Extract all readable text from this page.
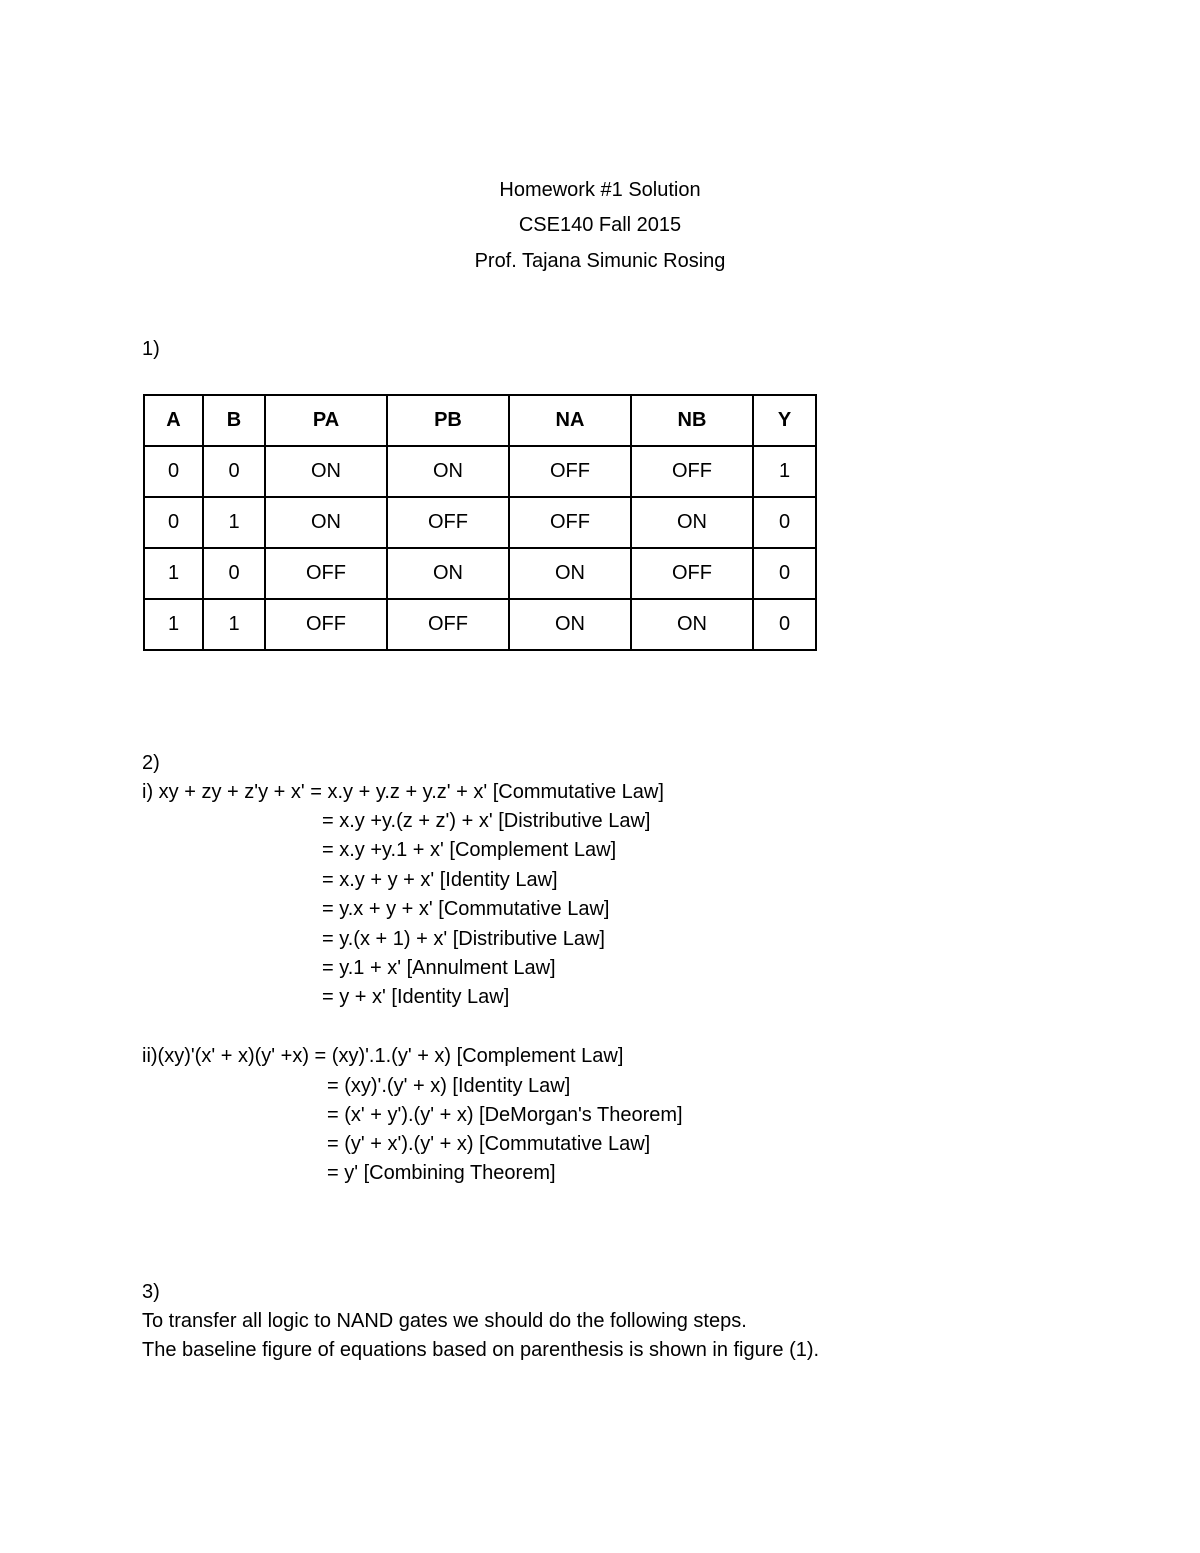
Homework #1 Solution
CSE140 Fall 2015
Prof. Tajana Simunic Rosing
1)
A	B	PA	PB	NA	NB	Y
0	0	ON	ON	OFF	OFF	1
0	1	ON	OFF	OFF	ON	0
1	0	OFF	ON	ON	OFF	0
1	1	OFF	OFF	ON	ON	0
2)
i) xy + zy + z'y + x' = x.y + y.z + y.z' + x' [Commutative Law]
= x.y +y.(z + z') + x' [Distributive Law]
= x.y +y.1 + x' [Complement Law]
= x.y + y + x' [Identity Law]
= y.x + y + x' [Commutative Law]
= y.(x + 1) + x' [Distributive Law]
= y.1 + x' [Annulment Law]
= y + x' [Identity Law]
ii)(xy)'(x' + x)(y' +x) = (xy)'.1.(y' + x) [Complement Law]
= (xy)'.(y' + x) [Identity Law]
= (x' + y').(y' + x) [DeMorgan's Theorem]
= (y' + x').(y' + x) [Commutative Law]
= y' [Combining Theorem]
3)
To transfer all logic to NAND gates we should do the following steps.
The baseline figure of equations based on parenthesis is shown in figure (1).
